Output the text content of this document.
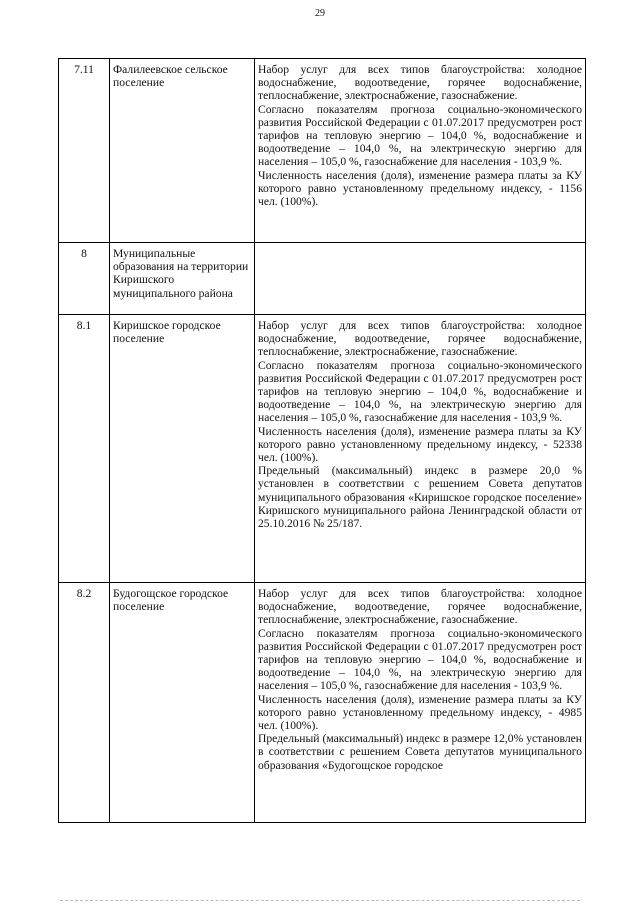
29
7.11	Фалилеевское сельское поселение	Набор услуг для всех типов благоустройства: холодное водоснабжение, водоотведение, горячее водоснабжение, теплоснабжение, электроснабжение, газоснабжение.

Согласно показателям прогноза социально-экономического развития Российской Федерации с 01.07.2017 предусмотрен рост тарифов на тепловую энергию – 104,0 %, водоснабжение и водоотведение – 104,0 %, на электрическую энергию для населения – 105,0 %, газоснабжение для населения - 103,9 %.

Численность населения (доля), изменение размера платы за КУ которого равно установленному предельному индексу, - 1156 чел. (100%).

8	Муниципальные образования на территории Киришского муниципального района	
8.1	Киришское городское поселение	Набор услуг для всех типов благоустройства: холодное водоснабжение, водоотведение, горячее водоснабжение, теплоснабжение, электроснабжение, газоснабжение.

Согласно показателям прогноза социально-экономического развития Российской Федерации с 01.07.2017 предусмотрен рост тарифов на тепловую энергию – 104,0 %, водоснабжение и водоотведение – 104,0 %, на электрическую энергию для населения – 105,0 %, газоснабжение для населения - 103,9 %.

Численность населения (доля), изменение размера платы за КУ которого равно установленному предельному индексу, - 52338 чел. (100%).

Предельный (максимальный) индекс в размере 20,0 % установлен в соответствии с решением Совета депутатов муниципального образования «Киришское городское поселение» Киришского муниципального района Ленинградской области от 25.10.2016 № 25/187.

8.2	Будогощское городское поселение	Набор услуг для всех типов благоустройства: холодное водоснабжение, водоотведение, горячее водоснабжение, теплоснабжение, электроснабжение, газоснабжение.

Согласно показателям прогноза социально-экономического развития Российской Федерации с 01.07.2017 предусмотрен рост тарифов на тепловую энергию – 104,0 %, водоснабжение и водоотведение – 104,0 %, на электрическую энергию для населения – 105,0 %, газоснабжение для населения - 103,9 %.

Численность населения (доля), изменение размера платы за КУ которого равно установленному предельному индексу, - 4985 чел. (100%).

Предельный (максимальный) индекс в размере 12,0% установлен в соответствии с решением Совета депутатов муниципального образования «Будогощское городское
